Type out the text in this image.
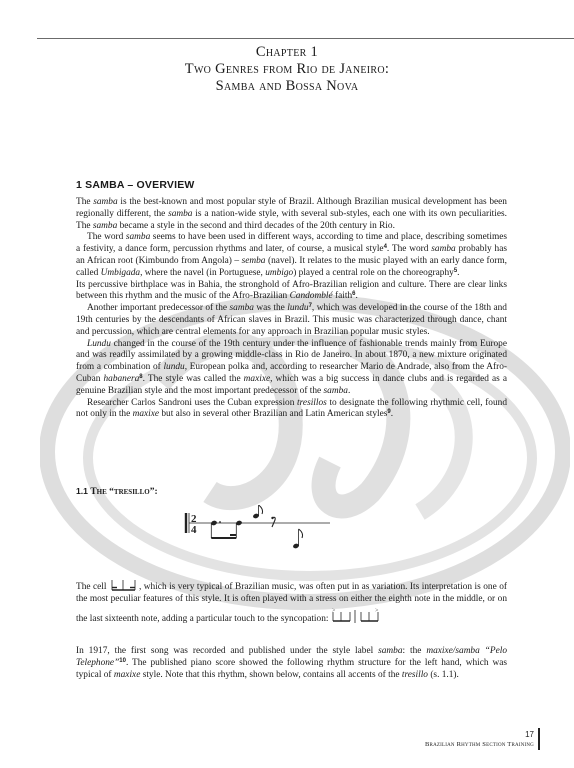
Chapter 1
Two Genres from Rio de Janeiro:
Samba and Bossa Nova
1 SAMBA – OVERVIEW

The samba is the best-known and most popular style of Brazil. Although Brazilian musical development has been regionally different, the samba is a nation-wide style, with several sub-styles, each one with its own peculiarities. The samba became a style in the second and third decades of the 20th century in Rio.

The word samba seems to have been used in different ways, according to time and place, describing sometimes a festivity, a dance form, percussion rhythms and later, of course, a musical style$^4$. The word samba probably has an African root (Kimbundo from Angola) – semba (navel). It relates to the music played with an early dance form, called Umbigada, where the navel (in Portuguese, umbigo) played a central role on the choreography$^5$.

Its percussive birthplace was in Bahia, the stronghold of Afro-Brazilian religion and culture. There are clear links between this rhythm and the music of the Afro-Brazilian Candomblé faith$^6$.

Another important predecessor of the samba was the lundu$^7$, which was developed in the course of the 18th and 19th centuries by the descendants of African slaves in Brazil. This music was characterized through dance, chant and percussion, which are central elements for any approach in Brazilian popular music styles.

Lundu changed in the course of the 19th century under the influence of fashionable trends mainly from Europe and was readily assimilated by a growing middle-class in Rio de Janeiro. In about 1870, a new mixture originated from a combination of lundu, European polka and, according to researcher Mario de Andrade, also from the Afro-Cuban habanera$^8$. The style was called the maxixe, which was a big success in dance clubs and is regarded as a genuine Brazilian style and the most important predecessor of the samba.

Researcher Carlos Sandroni uses the Cuban expression tresillos to designate the following rhythmic cell, found not only in the maxixe but also in several other Brazilian and Latin American styles$^9$.

1.1 The “tresillo”:
2
4

The cell	, which is very typical of Brazilian music, was often put in as variation. Its interpretation is one of the most peculiar features of this style. It is often played with a stress on either the eighth note in the middle, or on the last sixteenth note, adding a particular touch to the syncopation:
>	>

In 1917, the first song was recorded and published under the style label samba: the maxixe/samba “Pelo Telephone”$^{10}$. The published piano score showed the following rhythm structure for the left hand, which was typical of maxixe style. Note that this rhythm, shown below, contains all accents of the tresillo (s. 1.1).

17
Brazilian Rhythm Section Training
